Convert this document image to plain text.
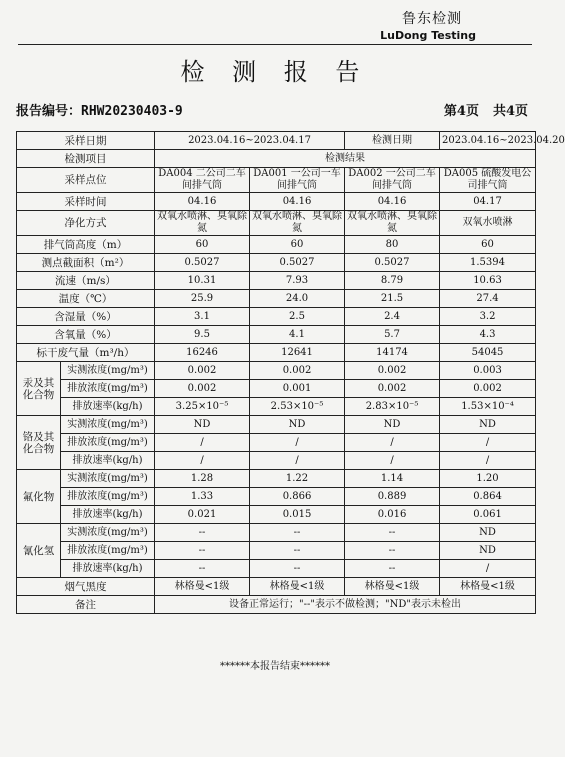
鲁东检测
LuDong Testing
检 测 报 告
报告编号：RHW20230403-9	第4页 共4页
采样日期		2023.04.16~2023.04.17		检测日期	2023.04.16~2023.04.20
检测项目		检测结果			
采样点位		DA004 二公司二车间排气筒	DA001 一公司一车间排气筒	DA002 一公司二车间排气筒	DA005 硫酸发电公司排气筒
采样时间		04.16	04.16	04.16	04.17
净化方式		双氧水喷淋、臭氧除氮	双氧水喷淋、臭氧除氮	双氧水喷淋、臭氧除氮	双氧水喷淋
排气筒高度（m）		60	60	80	60
测点截面积（m²）		0.5027	0.5027	0.5027	1.5394
流速（m/s）		10.31	7.93	8.79	10.63
温度（℃）		25.9	24.0	21.5	27.4
含湿量（%）		3.1	2.5	2.4	3.2
含氧量（%）		9.5	4.1	5.7	4.3
标干废气量（m³/h）		16246	12641	14174	54045
汞及其化合物	实测浓度(mg/m³)	0.002	0.002	0.002	0.003
	排放浓度(mg/m³)	0.002	0.001	0.002	0.002
	排放速率(kg/h)	3.25×10⁻⁵	2.53×10⁻⁵	2.83×10⁻⁵	1.53×10⁻⁴
铬及其化合物	实测浓度(mg/m³)	ND	ND	ND	ND
	排放浓度(mg/m³)	/	/	/	/
	排放速率(kg/h)	/	/	/	/
氟化物	实测浓度(mg/m³)	1.28	1.22	1.14	1.20
	排放浓度(mg/m³)	1.33	0.866	0.889	0.864
	排放速率(kg/h)	0.021	0.015	0.016	0.061
氰化氢	实测浓度(mg/m³)	--	--	--	ND
	排放浓度(mg/m³)	--	--	--	ND
	排放速率(kg/h)	--	--	--	/
烟气黑度		林格曼<1级	林格曼<1级	林格曼<1级	林格曼<1级
备注		设备正常运行；"--"表示不做检测；"ND"表示未检出			
******本报告结束******
